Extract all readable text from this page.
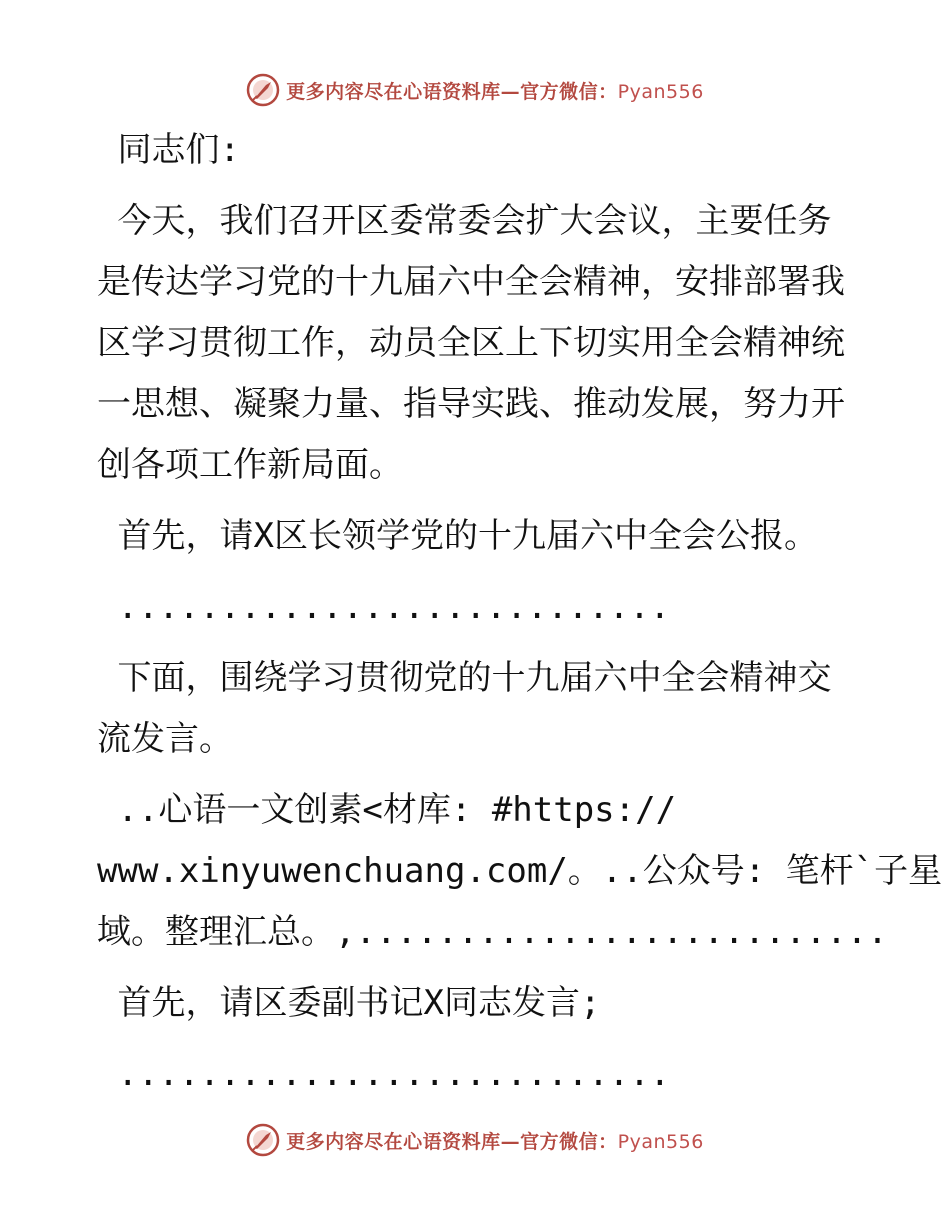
更多内容尽在心语资料库—官方微信：Pyan556
同志们:
今天，我们召开区委常委会扩大会议，主要任务
是传达学习党的十九届六中全会精神，安排部署我
区学习贯彻工作，动员全区上下切实用全会精神统
一思想、凝聚力量、指导实践、推动发展，努力开
创各项工作新局面。
首先，请X区长领学党的十九届六中全会公报。
...........................
下面，围绕学习贯彻党的十九届六中全会精神交
流发言。
..心语一文创素<材库: #https://
www.xinyuwenchuang.com/。..公众号: 笔杆`子星
域。整理汇总。,..........................
首先，请区委副书记X同志发言;
...........................
更多内容尽在心语资料库—官方微信：Pyan556
